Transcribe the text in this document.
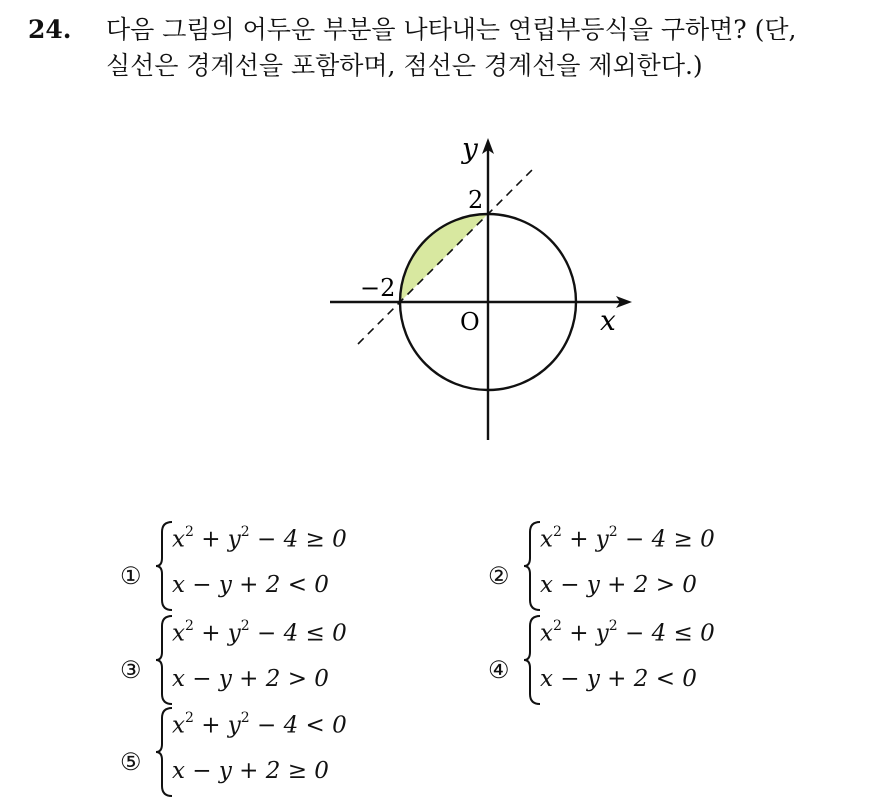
24. 다음 그림의 어두운 부분을 나타내는 연립부등식을 구하면? (단,
실선은 경계선을 포함하며, 점선은 경계선을 제외한다.)
y
x
O
2
−2
①
$x^2 + y^2 - 4 \ge 0$
x − y + 2 < 0	②
$x^2 + y^2 - 4 \ge 0$
x − y + 2 > 0
③
$x^2 + y^2 - 4 \le 0$
x − y + 2 > 0	④
$x^2 + y^2 - 4 \le 0$
x − y + 2 < 0
⑤
$x^2 + y^2 - 4 < 0$
x − y + 2 ≥ 0
